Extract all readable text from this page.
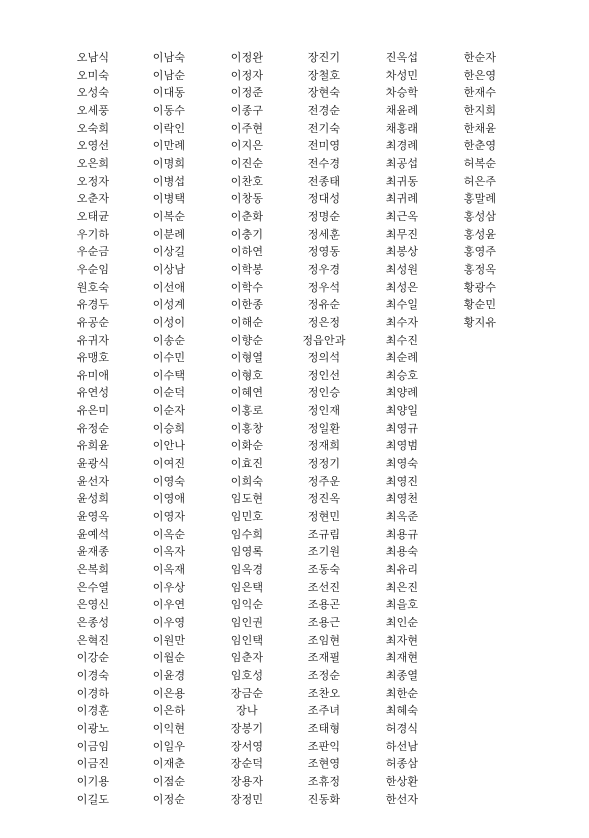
오남식
오미숙
오성숙
오세풍
오숙희
오영선
오은희
오정자
오춘자
오태균
우기하
우순금
우순임
원호숙
유경두
유공순
유귀자
유맹호
유미애
유연성
유은미
유정순
유희윤
윤광식
윤선자
윤성희
윤영옥
윤예석
윤재종
은복희
은수열
은영신
은종성
은혁진
이강순
이경숙
이경하
이경훈
이광노
이금임
이금진
이기용
이길도
이남숙
이남순
이대동
이동수
이락인
이만례
이명희
이병섭
이병택
이복순
이분례
이상길
이상남
이선애
이성계
이성이
이송순
이수민
이수택
이순덕
이순자
이승희
이안나
이여진
이영숙
이영애
이영자
이옥순
이옥자
이옥재
이우상
이우연
이우영
이원만
이월순
이윤경
이은용
이은하
이익현
이일우
이재춘
이점순
이정순
이정완
이정자
이정준
이종구
이주현
이지은
이진순
이찬호
이창동
이춘화
이충기
이하연
이학봉
이학수
이한종
이해순
이향순
이형열
이형호
이혜연
이홍로
이홍창
이화순
이효진
이희숙
임도현
임민호
임수희
임영록
임옥경
임은택
임익순
임인권
임인택
임춘자
임호성
장금순
장나
장봉기
장서영
장순덕
장용자
장정민
장진기
장철호
장현숙
전경순
전기숙
전미영
전수경
전종태
정대성
정명순
정세훈
정영동
정우경
정우석
정유순
정은정
정읍안과
정의석
정인선
정인승
정인재
정일환
정재희
정정기
정주운
정진옥
정현민
조규림
조기원
조동숙
조선진
조용곤
조용근
조임현
조재필
조정순
조찬오
조주녀
조태형
조판익
조현영
조휴정
진동화
진옥섭
차성민
차승학
채윤례
채홍래
최경례
최공섭
최귀동
최귀례
최근옥
최무진
최봉상
최성원
최성은
최수일
최수자
최수진
최순례
최승호
최양례
최양일
최영규
최영범
최영숙
최영진
최영천
최옥준
최용규
최용숙
최유리
최은진
최을호
최인순
최자현
최재현
최종열
최한순
최혜숙
허경식
하선남
허종삼
한상환
한선자
한순자
한은영
한재수
한지희
한채윤
한춘영
허복순
허은주
홍말례
홍성삼
홍성윤
홍영주
홍정옥
황광수
황순민
황지유
